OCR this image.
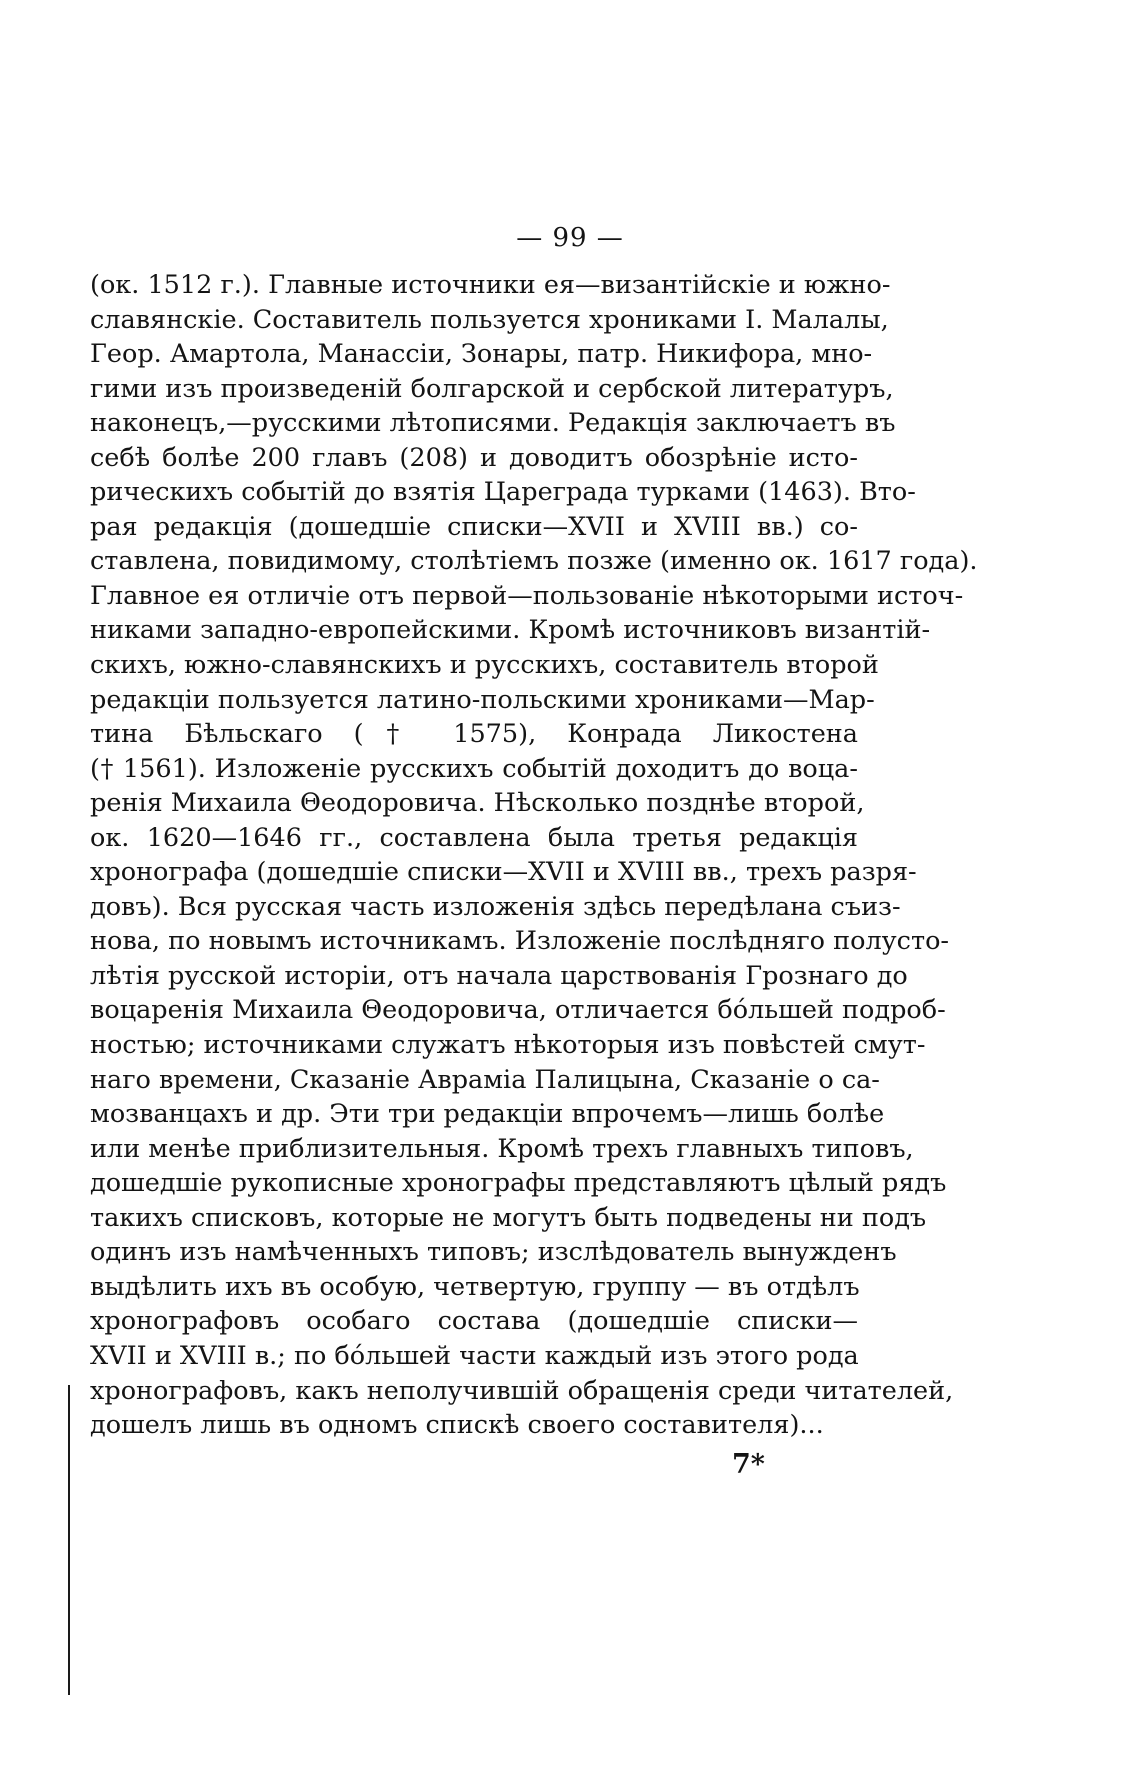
— 99 —
(ок. 1512 г.). Главные источники ея—византійскіе и южно-
славянскіе. Составитель пользуется хрониками І. Малалы,
Геор. Амартола, Манассіи, Зонары, патр. Никифора, мно-
гими изъ произведеній болгарской и сербской литературъ,
наконецъ,—русскими лѣтописями. Редакція заключаетъ въ
себѣ болѣе 200 главъ (208) и доводитъ обозрѣніе исто-
рическихъ событій до взятія Цареграда турками (1463). Вто-
рая редакція (дошедшіе списки—XVII и XVIII вв.) со-
ставлена, повидимому, столѣтіемъ позже (именно ок. 1617 года).
Главное ея отличіе отъ первой—пользованіе нѣкоторыми источ-
никами западно-европейскими. Кромѣ источниковъ византій-
скихъ, южно-славянскихъ и русскихъ, составитель второй
редакціи пользуется латино-польскими хрониками—Мар-
тина Бѣльскаго († 1575), Конрада Ликостена
(† 1561). Изложеніе русскихъ событій доходитъ до воца-
ренія Михаила Θеодоровича. Нѣсколько позднѣе второй,
ок. 1620—1646 гг., составлена была третья редакція
хронографа (дошедшіе списки—XVII и XVIII вв., трехъ разря-
довъ). Вся русская часть изложенія здѣсь передѣлана съиз-
нова, по новымъ источникамъ. Изложеніе послѣдняго полусто-
лѣтія русской исторіи, отъ начала царствованія Грознаго до
воцаренія Михаила Θеодоровича, отличается бóльшей подроб-
ностью; источниками служатъ нѣкоторыя изъ повѣстей смут-
наго времени, Сказаніе Авраміа Палицына, Сказаніе о са-
мозванцахъ и др. Эти три редакціи впрочемъ—лишь болѣе
или менѣе приблизительныя. Кромѣ трехъ главныхъ типовъ,
дошедшіе рукописные хронографы представляютъ цѣлый рядъ
такихъ списковъ, которые не могутъ быть подведены ни подъ
одинъ изъ намѣченныхъ типовъ; изслѣдователь вынужденъ
выдѣлить ихъ въ особую, четвертую, группу — въ отдѣлъ
хронографовъ особаго состава (дошедшіе списки—
XVII и XVIII в.; по бóльшей части каждый изъ этого рода
хронографовъ, какъ неполучившій обращенія среди читателей,
дошелъ лишь въ одномъ спискѣ своего составителя)...
7*
